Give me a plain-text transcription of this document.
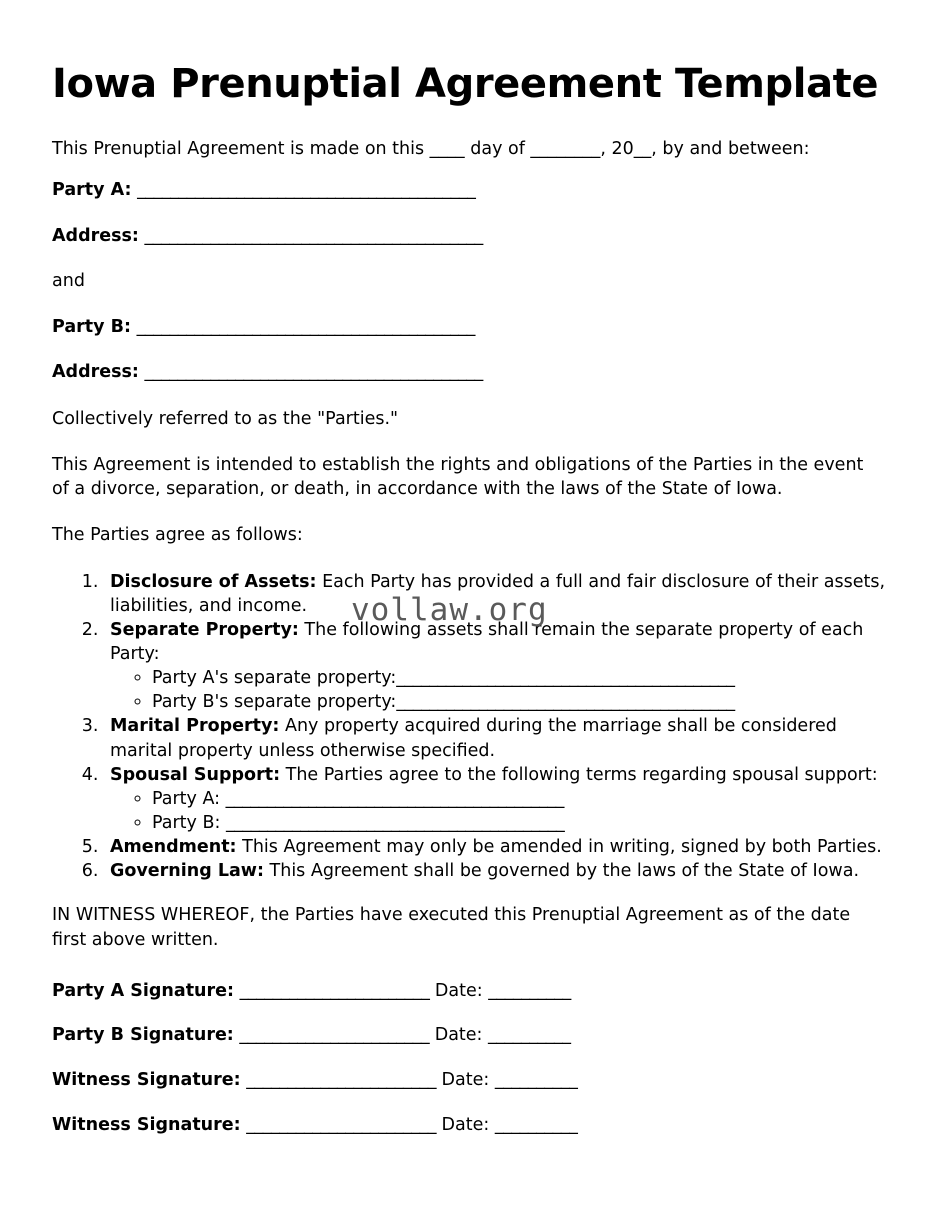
Iowa Prenuptial Agreement Template

This Prenuptial Agreement is made on this ____ day of ________, 20__, by and between:

Party A: _________________________________________
Address: _________________________________________
and
Party B: _________________________________________
Address: _________________________________________

Collectively referred to as the "Parties."

This Agreement is intended to establish the rights and obligations of the Parties in the event of a divorce, separation, or death, in accordance with the laws of the State of Iowa.

The Parties agree as follows:

1. Disclosure of Assets: Each Party has provided a full and fair disclosure of their assets, liabilities, and income.
2. Separate Property: The following assets shall remain the separate property of each Party:
◦ Party A's separate property:_________________________________________
◦ Party B's separate property:_________________________________________
3. Marital Property: Any property acquired during the marriage shall be considered marital property unless otherwise specified.
4. Spousal Support: The Parties agree to the following terms regarding spousal support:
◦ Party A: _________________________________________
◦ Party B: _________________________________________
5. Amendment: This Agreement may only be amended in writing, signed by both Parties.
6. Governing Law: This Agreement shall be governed by the laws of the State of Iowa.

IN WITNESS WHEREOF, the Parties have executed this Prenuptial Agreement as of the date first above written.

Party A Signature: _______________________ Date: __________
Party B Signature: _______________________ Date: __________
Witness Signature: _______________________ Date: __________
Witness Signature: _______________________ Date: __________
vollaw.org
